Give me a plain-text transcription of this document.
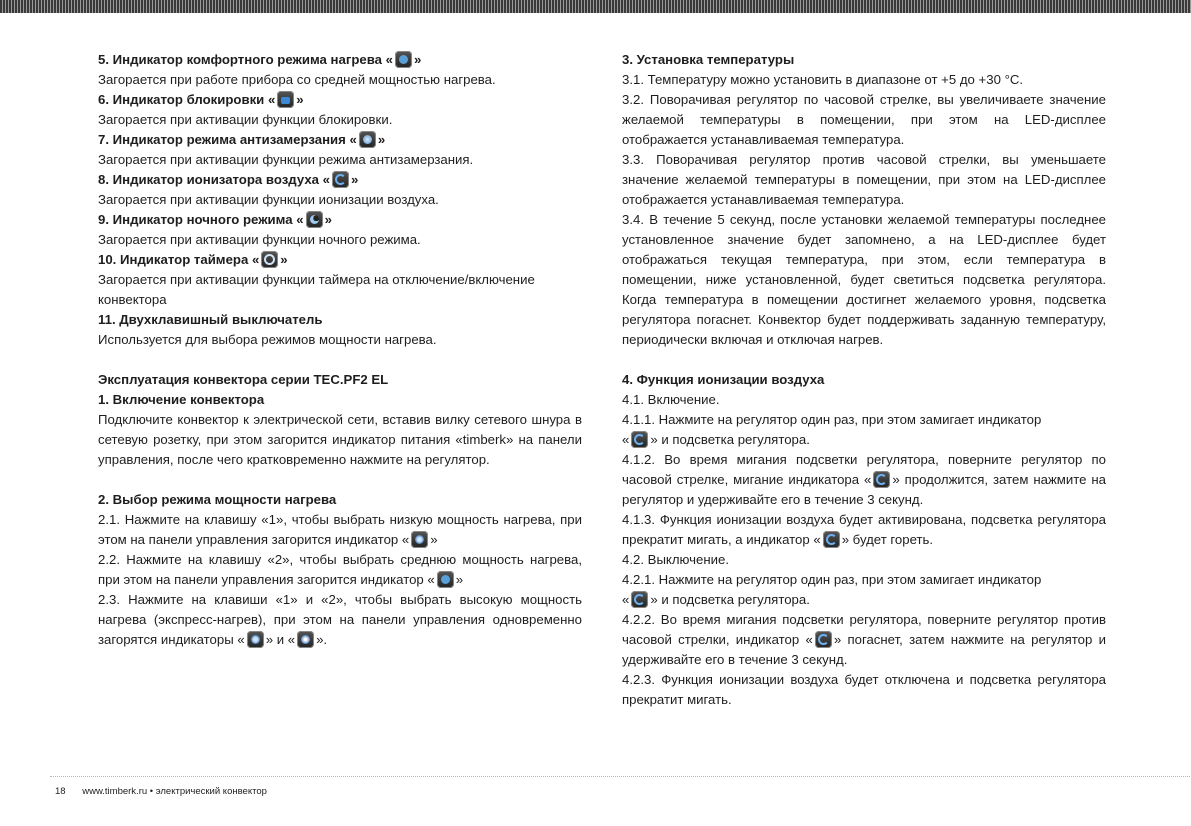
5. Индикатор комфортного режима нагрева « »
Загорается при работе прибора со средней мощностью нагрева.
6. Индикатор блокировки « »
Загорается при активации функции блокировки.
7. Индикатор режима антизамерзания « »
Загорается при активации функции режима антизамерзания.
8. Индикатор ионизатора воздуха « »
Загорается при активации функции ионизации воздуха.
9. Индикатор ночного режима « »
Загорается при активации функции ночного режима.
10. Индикатор таймера « »
Загорается при активации функции таймера на отключение/включение конвектора
11. Двухклавишный выключатель
Используется для выбора режимов мощности нагрева.
Эксплуатация конвектора серии TEC.PF2 EL
1. Включение конвектора
Подключите конвектор к электрической сети, вставив вилку сетевого шнура в сетевую розетку, при этом загорится индикатор питания «timberk» на панели управления, после чего кратковременно нажмите на регулятор.
2. Выбор режима мощности нагрева
2.1. Нажмите на клавишу «1», чтобы выбрать низкую мощность нагрева, при этом на панели управления загорится индикатор « »
2.2. Нажмите на клавишу «2», чтобы выбрать среднюю мощность нагрева, при этом на панели управления загорится индикатор « »
2.3. Нажмите на клавиши «1» и «2», чтобы выбрать высокую мощность нагрева (экспресс-нагрев), при этом на панели управления одновременно загорятся индикаторы « » и « ».
3. Установка температуры
3.1. Температуру можно установить в диапазоне от +5 до +30 °С.
3.2. Поворачивая регулятор по часовой стрелке, вы увеличиваете значение желаемой температуры в помещении, при этом на LED-дисплее отображается устанавливаемая температура.
3.3. Поворачивая регулятор против часовой стрелки, вы уменьшаете значение желаемой температуры в помещении, при этом на LED-дисплее отображается устанавливаемая температура.
3.4. В течение 5 секунд, после установки желаемой температуры последнее установленное значение будет запомнено, а на LED-дисплее будет отображаться текущая температура, при этом, если температура в помещении, ниже установленной, будет светиться подсветка регулятора. Когда температура в помещении достигнет желаемого уровня, подсветка регулятора погаснет. Конвектор будет поддерживать заданную температуру, периодически включая и отключая нагрев.
4. Функция ионизации воздуха
4.1. Включение.
4.1.1. Нажмите на регулятор один раз, при этом замигает индикатор
« » и подсветка регулятора.
4.1.2. Во время мигания подсветки регулятора, поверните регулятор по часовой стрелке, мигание индикатора « » продолжится, затем нажмите на регулятор и удерживайте его в течение 3 секунд.
4.1.3. Функция ионизации воздуха будет активирована, подсветка регулятора прекратит мигать, а индикатор « » будет гореть.
4.2. Выключение.
4.2.1. Нажмите на регулятор один раз, при этом замигает индикатор
« » и подсветка регулятора.
4.2.2. Во время мигания подсветки регулятора, поверните регулятор против часовой стрелки, индикатор « » погаснет, затем нажмите на регулятор и удерживайте его в течение 3 секунд.
4.2.3. Функция ионизации воздуха будет отключена и подсветка регулятора прекратит мигать.
18 www.timberk.ru • электрический конвектор
